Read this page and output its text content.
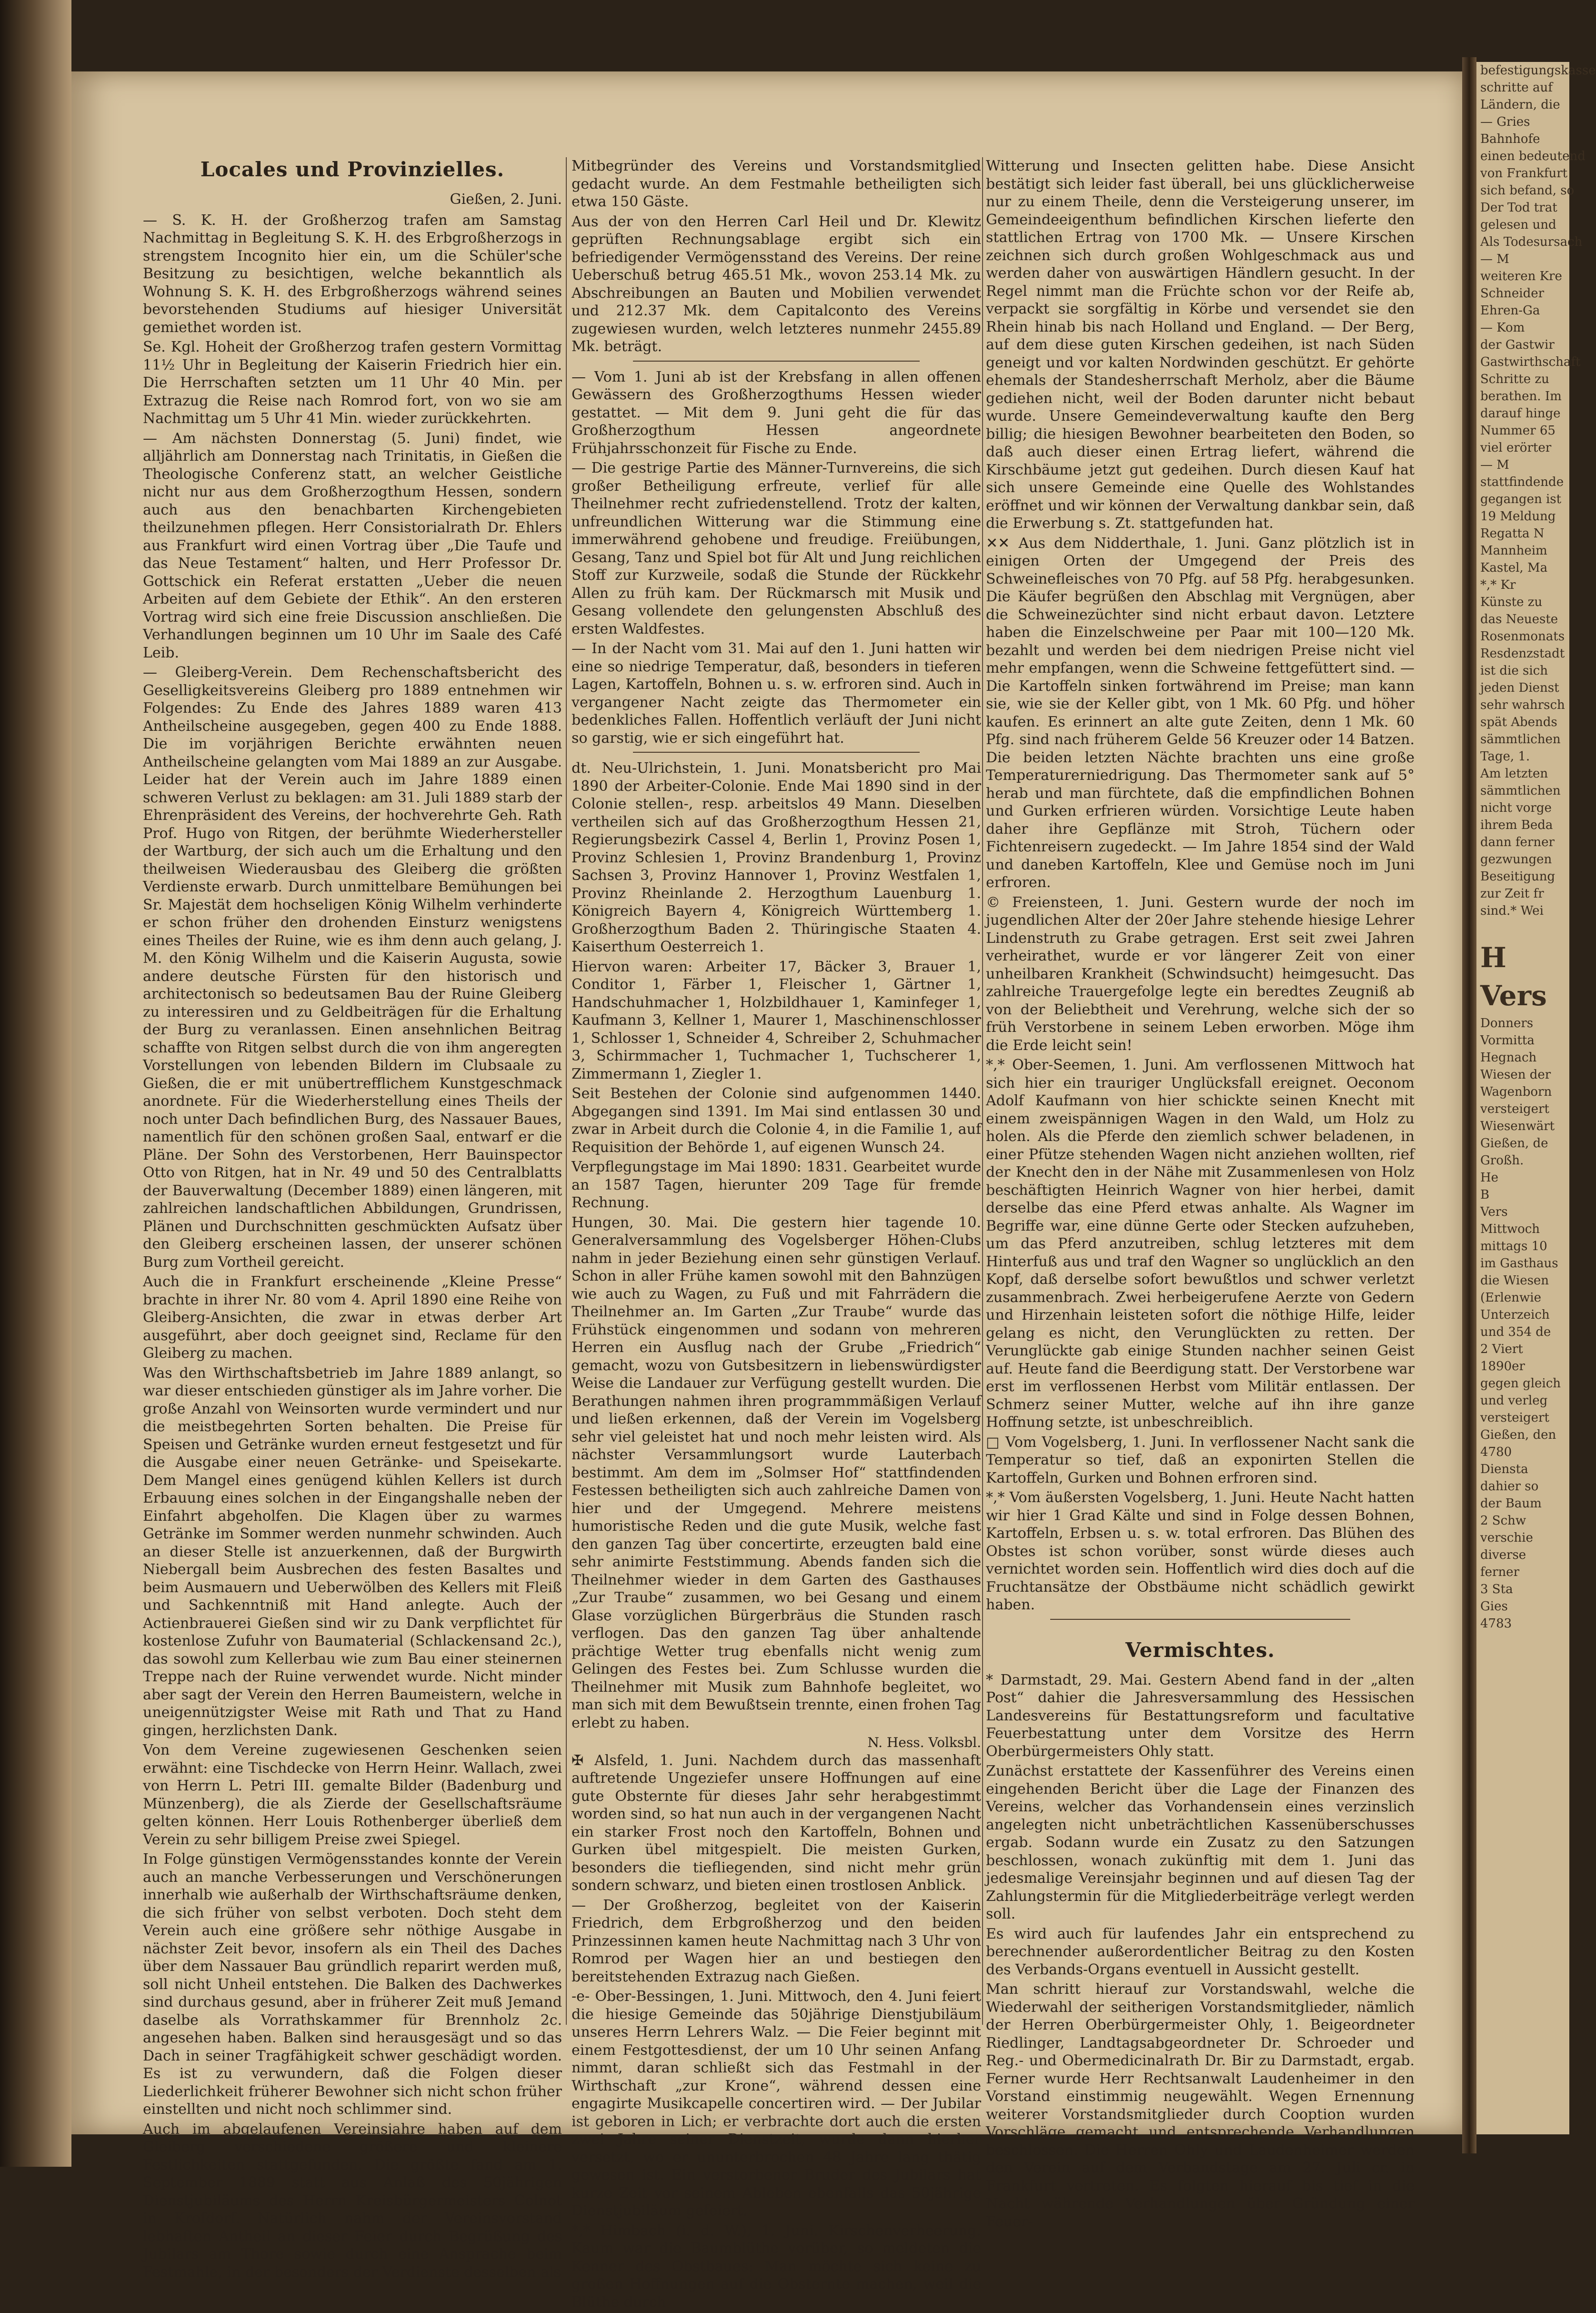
Locales und Provinzielles.
Gießen, 2. Juni.

— S. K. H. der Großherzog trafen am Samstag Nachmittag in Begleitung S. K. H. des Erbgroßherzogs in strengstem Incognito hier ein, um die Schüler'sche Besitzung zu besichtigen, welche bekanntlich als Wohnung S. K. H. des Erbgroßherzogs während seines bevorstehenden Studiums auf hiesiger Universität gemiethet worden ist.

Se. Kgl. Hoheit der Großherzog trafen gestern Vormittag 11½ Uhr in Begleitung der Kaiserin Friedrich hier ein. Die Herrschaften setzten um 11 Uhr 40 Min. per Extrazug die Reise nach Romrod fort, von wo sie am Nachmittag um 5 Uhr 41 Min. wieder zurückkehrten.

— Am nächsten Donnerstag (5. Juni) findet, wie alljährlich am Donnerstag nach Trinitatis, in Gießen die Theologische Conferenz statt, an welcher Geistliche nicht nur aus dem Großherzogthum Hessen, sondern auch aus den benachbarten Kirchengebieten theilzunehmen pflegen. Herr Consistorialrath Dr. Ehlers aus Frankfurt wird einen Vortrag über „Die Taufe und das Neue Testament“ halten, und Herr Professor Dr. Gottschick ein Referat erstatten „Ueber die neuen Arbeiten auf dem Gebiete der Ethik“. An den ersteren Vortrag wird sich eine freie Discussion anschließen. Die Verhandlungen beginnen um 10 Uhr im Saale des Café Leib.

— Gleiberg-Verein. Dem Rechenschaftsbericht des Geselligkeitsvereins Gleiberg pro 1889 entnehmen wir Folgendes: Zu Ende des Jahres 1889 waren 413 Antheilscheine ausgegeben, gegen 400 zu Ende 1888. Die im vorjährigen Berichte erwähnten neuen Antheilscheine gelangten vom Mai 1889 an zur Ausgabe. Leider hat der Verein auch im Jahre 1889 einen schweren Verlust zu beklagen: am 31. Juli 1889 starb der Ehrenpräsident des Vereins, der hochverehrte Geh. Rath Prof. Hugo von Ritgen, der berühmte Wiederhersteller der Wartburg, der sich auch um die Erhaltung und den theilweisen Wiederausbau des Gleiberg die größten Verdienste erwarb. Durch unmittelbare Bemühungen bei Sr. Majestät dem hochseligen König Wilhelm verhinderte er schon früher den drohenden Einsturz wenigstens eines Theiles der Ruine, wie es ihm denn auch gelang, J. M. den König Wilhelm und die Kaiserin Augusta, sowie andere deutsche Fürsten für den historisch und architectonisch so bedeutsamen Bau der Ruine Gleiberg zu interessiren und zu Geldbeiträgen für die Erhaltung der Burg zu veranlassen. Einen ansehnlichen Beitrag schaffte von Ritgen selbst durch die von ihm angeregten Vorstellungen von lebenden Bildern im Clubsaale zu Gießen, die er mit unübertrefflichem Kunstgeschmack anordnete. Für die Wiederherstellung eines Theils der noch unter Dach befindlichen Burg, des Nassauer Baues, namentlich für den schönen großen Saal, entwarf er die Pläne. Der Sohn des Verstorbenen, Herr Bauinspector Otto von Ritgen, hat in Nr. 49 und 50 des Centralblatts der Bauverwaltung (December 1889) einen längeren, mit zahlreichen landschaftlichen Abbildungen, Grundrissen, Plänen und Durchschnitten geschmückten Aufsatz über den Gleiberg erscheinen lassen, der unserer schönen Burg zum Vortheil gereicht.

Auch die in Frankfurt erscheinende „Kleine Presse“ brachte in ihrer Nr. 80 vom 4. April 1890 eine Reihe von Gleiberg-Ansichten, die zwar in etwas derber Art ausgeführt, aber doch geeignet sind, Reclame für den Gleiberg zu machen.

Was den Wirthschaftsbetrieb im Jahre 1889 anlangt, so war dieser entschieden günstiger als im Jahre vorher. Die große Anzahl von Weinsorten wurde vermindert und nur die meistbegehrten Sorten behalten. Die Preise für Speisen und Getränke wurden erneut festgesetzt und für die Ausgabe einer neuen Getränke- und Speisekarte. Dem Mangel eines genügend kühlen Kellers ist durch Erbauung eines solchen in der Eingangshalle neben der Einfahrt abgeholfen. Die Klagen über zu warmes Getränke im Sommer werden nunmehr schwinden. Auch an dieser Stelle ist anzuerkennen, daß der Burgwirth Niebergall beim Ausbrechen des festen Basaltes und beim Ausmauern und Ueberwölben des Kellers mit Fleiß und Sachkenntniß mit Hand anlegte. Auch der Actienbrauerei Gießen sind wir zu Dank verpflichtet für kostenlose Zufuhr von Baumaterial (Schlackensand 2c.), das sowohl zum Kellerbau wie zum Bau einer steinernen Treppe nach der Ruine verwendet wurde. Nicht minder aber sagt der Verein den Herren Baumeistern, welche in uneigennützigster Weise mit Rath und That zu Hand gingen, herzlichsten Dank.

Von dem Vereine zugewiesenen Geschenken seien erwähnt: eine Tischdecke von Herrn Heinr. Wallach, zwei von Herrn L. Petri III. gemalte Bilder (Badenburg und Münzenberg), die als Zierde der Gesellschaftsräume gelten können. Herr Louis Rothenberger überließ dem Verein zu sehr billigem Preise zwei Spiegel.

In Folge günstigen Vermögensstandes konnte der Verein auch an manche Verbesserungen und Verschönerungen innerhalb wie außerhalb der Wirthschaftsräume denken, die sich früher von selbst verboten. Doch steht dem Verein auch eine größere sehr nöthige Ausgabe in nächster Zeit bevor, insofern als ein Theil des Daches über dem Nassauer Bau gründlich reparirt werden muß, soll nicht Unheil entstehen. Die Balken des Dachwerkes sind durchaus gesund, aber in früherer Zeit muß Jemand daselbe als Vorrathskammer für Brennholz 2c. angesehen haben. Balken sind herausgesägt und so das Dach in seiner Tragfähigkeit schwer geschädigt worden. Es ist zu verwundern, daß die Folgen dieser Liederlichkeit früherer Bewohner sich nicht schon früher einstellten und nicht noch schlimmer sind.

Auch im abgelaufenen Vereinsjahre haben auf dem Gleiberg verschiedene größere und kleinere Festlichkeiten stattgefunden. Die größte fand am 1. September 1889 statt aus Anlaß des 50jährigen Dienstjubiläums des Herrn Kreisbürgermeisters Colnot in Krofdorf. Natürlich nahm der Vereinsvorstand lebhaften Antheil an dieser Feier durch Begrüßung des Jubilars am Thore sowie durch eine Ansprache beim Festmahle, in der besonders der Verdienste desselben als

Mitbegründer des Vereins und Vorstandsmitglied gedacht wurde. An dem Festmahle betheiligten sich etwa 150 Gäste.

Aus der von den Herren Carl Heil und Dr. Klewitz geprüften Rechnungsablage ergibt sich ein befriedigender Vermögensstand des Vereins. Der reine Ueberschuß betrug 465.51 Mk., wovon 253.14 Mk. zu Abschreibungen an Bauten und Mobilien verwendet und 212.37 Mk. dem Capitalconto des Vereins zugewiesen wurden, welch letzteres nunmehr 2455.89 Mk. beträgt.

— Vom 1. Juni ab ist der Krebsfang in allen offenen Gewässern des Großherzogthums Hessen wieder gestattet. — Mit dem 9. Juni geht die für das Großherzogthum Hessen angeordnete Frühjahrsschonzeit für Fische zu Ende.

— Die gestrige Partie des Männer-Turnvereins, die sich großer Betheiligung erfreute, verlief für alle Theilnehmer recht zufriedenstellend. Trotz der kalten, unfreundlichen Witterung war die Stimmung eine immerwährend gehobene und freudige. Freiübungen, Gesang, Tanz und Spiel bot für Alt und Jung reichlichen Stoff zur Kurzweile, sodaß die Stunde der Rückkehr Allen zu früh kam. Der Rückmarsch mit Musik und Gesang vollendete den gelungensten Abschluß des ersten Waldfestes.

— In der Nacht vom 31. Mai auf den 1. Juni hatten wir eine so niedrige Temperatur, daß, besonders in tieferen Lagen, Kartoffeln, Bohnen u. s. w. erfroren sind. Auch in vergangener Nacht zeigte das Thermometer ein bedenkliches Fallen. Hoffentlich verläuft der Juni nicht so garstig, wie er sich eingeführt hat.

dt. Neu-Ulrichstein, 1. Juni. Monatsbericht pro Mai 1890 der Arbeiter-Colonie. Ende Mai 1890 sind in der Colonie stellen-, resp. arbeitslos 49 Mann. Dieselben vertheilen sich auf das Großherzogthum Hessen 21, Regierungsbezirk Cassel 4, Berlin 1, Provinz Posen 1, Provinz Schlesien 1, Provinz Brandenburg 1, Provinz Sachsen 3, Provinz Hannover 1, Provinz Westfalen 1, Provinz Rheinlande 2. Herzogthum Lauenburg 1. Königreich Bayern 4, Königreich Württemberg 1. Großherzogthum Baden 2. Thüringische Staaten 4. Kaiserthum Oesterreich 1.

Hiervon waren: Arbeiter 17, Bäcker 3, Brauer 1, Conditor 1, Färber 1, Fleischer 1, Gärtner 1, Handschuhmacher 1, Holzbildhauer 1, Kaminfeger 1, Kaufmann 3, Kellner 1, Maurer 1, Maschinenschlosser 1, Schlosser 1, Schneider 4, Schreiber 2, Schuhmacher 3, Schirmmacher 1, Tuchmacher 1, Tuchscherer 1, Zimmermann 1, Ziegler 1.

Seit Bestehen der Colonie sind aufgenommen 1440. Abgegangen sind 1391. Im Mai sind entlassen 30 und zwar in Arbeit durch die Colonie 4, in die Familie 1, auf Requisition der Behörde 1, auf eigenen Wunsch 24.

Verpflegungstage im Mai 1890: 1831. Gearbeitet wurde an 1587 Tagen, hierunter 209 Tage für fremde Rechnung.

Hungen, 30. Mai. Die gestern hier tagende 10. Generalversammlung des Vogelsberger Höhen-Clubs nahm in jeder Beziehung einen sehr günstigen Verlauf. Schon in aller Frühe kamen sowohl mit den Bahnzügen wie auch zu Wagen, zu Fuß und mit Fahrrädern die Theilnehmer an. Im Garten „Zur Traube“ wurde das Frühstück eingenommen und sodann von mehreren Herren ein Ausflug nach der Grube „Friedrich“ gemacht, wozu von Gutsbesitzern in liebenswürdigster Weise die Landauer zur Verfügung gestellt wurden. Die Berathungen nahmen ihren programmmäßigen Verlauf und ließen erkennen, daß der Verein im Vogelsberg sehr viel geleistet hat und noch mehr leisten wird. Als nächster Versammlungsort wurde Lauterbach bestimmt. Am dem im „Solmser Hof“ stattfindenden Festessen betheiligten sich auch zahlreiche Damen von hier und der Umgegend. Mehrere meistens humoristische Reden und die gute Musik, welche fast den ganzen Tag über concertirte, erzeugten bald eine sehr animirte Feststimmung. Abends fanden sich die Theilnehmer wieder in dem Garten des Gasthauses „Zur Traube“ zusammen, wo bei Gesang und einem Glase vorzüglichen Bürgerbräus die Stunden rasch verflogen. Das den ganzen Tag über anhaltende prächtige Wetter trug ebenfalls nicht wenig zum Gelingen des Festes bei. Zum Schlusse wurden die Theilnehmer mit Musik zum Bahnhofe begleitet, wo man sich mit dem Bewußtsein trennte, einen frohen Tag erlebt zu haben.

N. Hess. Volksbl.

✠ Alsfeld, 1. Juni. Nachdem durch das massenhaft auftretende Ungeziefer unsere Hoffnungen auf eine gute Obsternte für dieses Jahr sehr herabgestimmt worden sind, so hat nun auch in der vergangenen Nacht ein starker Frost noch den Kartoffeln, Bohnen und Gurken übel mitgespielt. Die meisten Gurken, besonders die tiefliegenden, sind nicht mehr grün sondern schwarz, und bieten einen trostlosen Anblick.

— Der Großherzog, begleitet von der Kaiserin Friedrich, dem Erbgroßherzog und den beiden Prinzessinnen kamen heute Nachmittag nach 3 Uhr von Romrod per Wagen hier an und bestiegen den bereitstehenden Extrazug nach Gießen.

-e- Ober-Bessingen, 1. Juni. Mittwoch, den 4. Juni feiert die hiesige Gemeinde das 50jährige Dienstjubiläum unseres Herrn Lehrers Walz. — Die Feier beginnt mit einem Festgottesdienst, der um 10 Uhr seinen Anfang nimmt, daran schließt sich das Festmahl in der Wirthschaft „zur Krone“, während dessen eine engagirte Musikcapelle concertiren wird. — Der Jubilar ist geboren in Lich; er verbrachte dort auch die ersten zwei Jahre seiner Dienstzeit, wurde dann hierher versetzt, wo er ununterbrochen 48 Jahre lang thätig gewesen ist. Ein verstorbener Bruder des Jubilars hat kurze Zeit vor seinem Ableben ebenfalls das 50jährige Dienstjubiläum gefeiert.

*,* Himbach (i. d. W.), 1. Juni. Kirschenverheerung. Kaum war die Baumblüthe vorüber, so meldeten die Kenner des Obstbaues: Man möchte sich keine zu großen Hoffnungen auf die Obsternte machen, weil die Blüthe durch

Witterung und Insecten gelitten habe. Diese Ansicht bestätigt sich leider fast überall, bei uns glücklicherweise nur zu einem Theile, denn die Versteigerung unserer, im Gemeindeeigenthum befindlichen Kirschen lieferte den stattlichen Ertrag von 1700 Mk. — Unsere Kirschen zeichnen sich durch großen Wohlgeschmack aus und werden daher von auswärtigen Händlern gesucht. In der Regel nimmt man die Früchte schon vor der Reife ab, verpackt sie sorgfältig in Körbe und versendet sie den Rhein hinab bis nach Holland und England. — Der Berg, auf dem diese guten Kirschen gedeihen, ist nach Süden geneigt und vor kalten Nordwinden geschützt. Er gehörte ehemals der Standesherrschaft Merholz, aber die Bäume gediehen nicht, weil der Boden darunter nicht bebaut wurde. Unsere Gemeindeverwaltung kaufte den Berg billig; die hiesigen Bewohner bearbeiteten den Boden, so daß auch dieser einen Ertrag liefert, während die Kirschbäume jetzt gut gedeihen. Durch diesen Kauf hat sich unsere Gemeinde eine Quelle des Wohlstandes eröffnet und wir können der Verwaltung dankbar sein, daß die Erwerbung s. Zt. stattgefunden hat.

✕✕ Aus dem Nidderthale, 1. Juni. Ganz plötzlich ist in einigen Orten der Umgegend der Preis des Schweinefleisches von 70 Pfg. auf 58 Pfg. herabgesunken. Die Käufer begrüßen den Abschlag mit Vergnügen, aber die Schweinezüchter sind nicht erbaut davon. Letztere haben die Einzelschweine per Paar mit 100—120 Mk. bezahlt und werden bei dem niedrigen Preise nicht viel mehr empfangen, wenn die Schweine fettgefüttert sind. — Die Kartoffeln sinken fortwährend im Preise; man kann sie, wie sie der Keller gibt, von 1 Mk. 60 Pfg. und höher kaufen. Es erinnert an alte gute Zeiten, denn 1 Mk. 60 Pfg. sind nach früherem Gelde 56 Kreuzer oder 14 Batzen. Die beiden letzten Nächte brachten uns eine große Temperaturerniedrigung. Das Thermometer sank auf 5° herab und man fürchtete, daß die empfindlichen Bohnen und Gurken erfrieren würden. Vorsichtige Leute haben daher ihre Gepflänze mit Stroh, Tüchern oder Fichtenreisern zugedeckt. — Im Jahre 1854 sind der Wald und daneben Kartoffeln, Klee und Gemüse noch im Juni erfroren.

© Freiensteen, 1. Juni. Gestern wurde der noch im jugendlichen Alter der 20er Jahre stehende hiesige Lehrer Lindenstruth zu Grabe getragen. Erst seit zwei Jahren verheirathet, wurde er vor längerer Zeit von einer unheilbaren Krankheit (Schwindsucht) heimgesucht. Das zahlreiche Trauergefolge legte ein beredtes Zeugniß ab von der Beliebtheit und Verehrung, welche sich der so früh Verstorbene in seinem Leben erworben. Möge ihm die Erde leicht sein!

*,* Ober-Seemen, 1. Juni. Am verflossenen Mittwoch hat sich hier ein trauriger Unglücksfall ereignet. Oeconom Adolf Kaufmann von hier schickte seinen Knecht mit einem zweispännigen Wagen in den Wald, um Holz zu holen. Als die Pferde den ziemlich schwer beladenen, in einer Pfütze stehenden Wagen nicht anziehen wollten, rief der Knecht den in der Nähe mit Zusammenlesen von Holz beschäftigten Heinrich Wagner von hier herbei, damit derselbe das eine Pferd etwas anhalte. Als Wagner im Begriffe war, eine dünne Gerte oder Stecken aufzuheben, um das Pferd anzutreiben, schlug letzteres mit dem Hinterfuß aus und traf den Wagner so unglücklich an den Kopf, daß derselbe sofort bewußtlos und schwer verletzt zusammenbrach. Zwei herbeigerufene Aerzte von Gedern und Hirzenhain leisteten sofort die nöthige Hilfe, leider gelang es nicht, den Verunglückten zu retten. Der Verunglückte gab einige Stunden nachher seinen Geist auf. Heute fand die Beerdigung statt. Der Verstorbene war erst im verflossenen Herbst vom Militär entlassen. Der Schmerz seiner Mutter, welche auf ihn ihre ganze Hoffnung setzte, ist unbeschreiblich.

□ Vom Vogelsberg, 1. Juni. In verflossener Nacht sank die Temperatur so tief, daß an exponirten Stellen die Kartoffeln, Gurken und Bohnen erfroren sind.

*,* Vom äußersten Vogelsberg, 1. Juni. Heute Nacht hatten wir hier 1 Grad Kälte und sind in Folge dessen Bohnen, Kartoffeln, Erbsen u. s. w. total erfroren. Das Blühen des Obstes ist schon vorüber, sonst würde dieses auch vernichtet worden sein. Hoffentlich wird dies doch auf die Fruchtansätze der Obstbäume nicht schädlich gewirkt haben.

Vermischtes.

* Darmstadt, 29. Mai. Gestern Abend fand in der „alten Post“ dahier die Jahresversammlung des Hessischen Landesvereins für Bestattungsreform und facultative Feuerbestattung unter dem Vorsitze des Herrn Oberbürgermeisters Ohly statt.

Zunächst erstattete der Kassenführer des Vereins einen eingehenden Bericht über die Lage der Finanzen des Vereins, welcher das Vorhandensein eines verzinslich angelegten nicht unbeträchtlichen Kassenüberschusses ergab. Sodann wurde ein Zusatz zu den Satzungen beschlossen, wonach zukünftig mit dem 1. Juni das jedesmalige Vereinsjahr beginnen und auf diesen Tag der Zahlungstermin für die Mitgliederbeiträge verlegt werden soll.

Es wird auch für laufendes Jahr ein entsprechend zu berechnender außerordentlicher Beitrag zu den Kosten des Verbands-Organs eventuell in Aussicht gestellt.

Man schritt hierauf zur Vorstandswahl, welche die Wiederwahl der seitherigen Vorstandsmitglieder, nämlich der Herren Oberbürgermeister Ohly, 1. Beigeordneter Riedlinger, Landtagsabgeordneter Dr. Schroeder und Reg.- und Obermedicinalrath Dr. Bir zu Darmstadt, ergab. Ferner wurde Herr Rechtsanwalt Laudenheimer in den Vorstand einstimmig neugewählt. Wegen Ernennung weiterer Vorstandsmitglieder durch Cooption wurden Vorschläge gemacht und entsprechende Verhandlungen beschlossen. Die Herren Ohly und Laudenheimer werden den Verein auf dem Verbandstage am 27. Juli cr. in Frankfurt vertreten. Es folgten hierauf bis tief in die Nacht währende Verhandlungen über Gründung einer Feuer-

befestigungskasse

schritte auf

Ländern, die

— Gries

Bahnhofe

einen bedeutend

von Frankfurt

sich befand, so

Der Tod trat

gelesen und

Als Todesursach

— M

weiteren Kre

Schneider

Ehren-Ga

— Kom

der Gastwir

Gastwirthschaft

Schritte zu

berathen. Im

darauf hinge

Nummer 65

viel erörter

— M

stattfindende

gegangen ist

19 Meldung

Regatta N

Mannheim

Kastel, Ma

*,* Kr

Künste zu

das Neueste

Rosenmonats

Resdenzstadt

ist die sich

jeden Dienst

sehr wahrsch

spät Abends

sämmtlichen

Tage, 1.

Am letzten

sämmtlichen

nicht vorge

ihrem Beda

dann ferner

gezwungen

Beseitigung

zur Zeit fr

sind.* Wei

H

Vers

Donners

Vormitta

Hegnach

Wiesen der

Wagenborn

versteigert

Wiesenwärt

Gießen, de

Großh.

He

B

Vers

Mittwoch

mittags 10

im Gasthaus

die Wiesen

(Erlenwie

Unterzeich

und 354 de

2 Viert

1890er

gegen gleich

und verleg

versteigert

Gießen, den

4780

Diensta

dahier so

der Baum

2 Schw

verschie

diverse

ferner

3 Sta

Gies

4783
